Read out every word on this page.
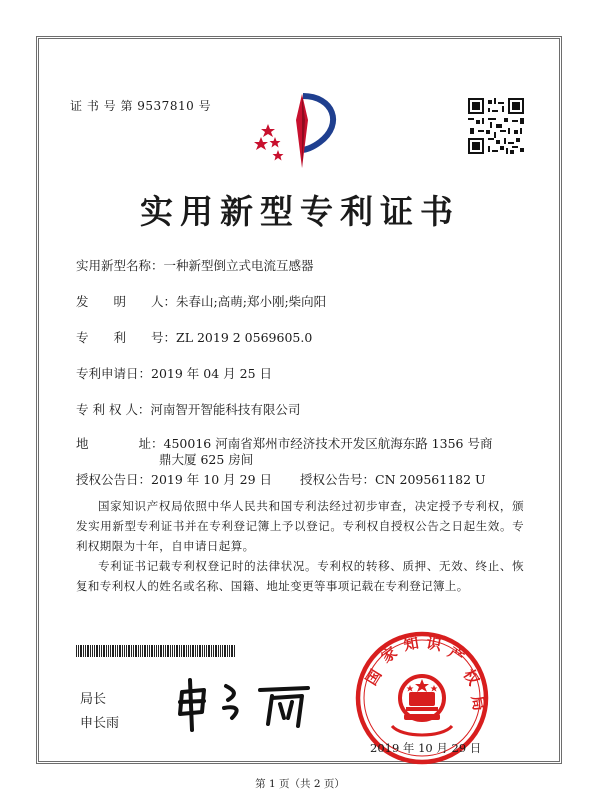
证 书 号 第 9537810 号
实用新型专利证书
实用新型名称：一种新型倒立式电流互感器
发　　明　　人：朱春山;高萌;郑小刚;柴向阳
专　　利　　号：ZL 2019 2 0569605.0
专利申请日：2019 年 04 月 25 日
专 利 权 人：河南智开智能科技有限公司
地　　　　址：450016 河南省郑州市经济技术开发区航海东路 1356 号商
鼎大厦 625 房间
授权公告日：2019 年 10 月 29 日 授权公告号：CN 209561182 U
国家知识产权局依照中华人民共和国专利法经过初步审查，决定授予专利权，颁发实用新型专利证书并在专利登记簿上予以登记。专利权自授权公告之日起生效。专利权期限为十年，自申请日起算。
专利证书记载专利权登记时的法律状况。专利权的转移、质押、无效、终止、恢复和专利权人的姓名或名称、国籍、地址变更等事项记载在专利登记簿上。
局长
申长雨
国
家 知 识 产
权
局
2019 年 10 月 29 日
第 1 页（共 2 页）
